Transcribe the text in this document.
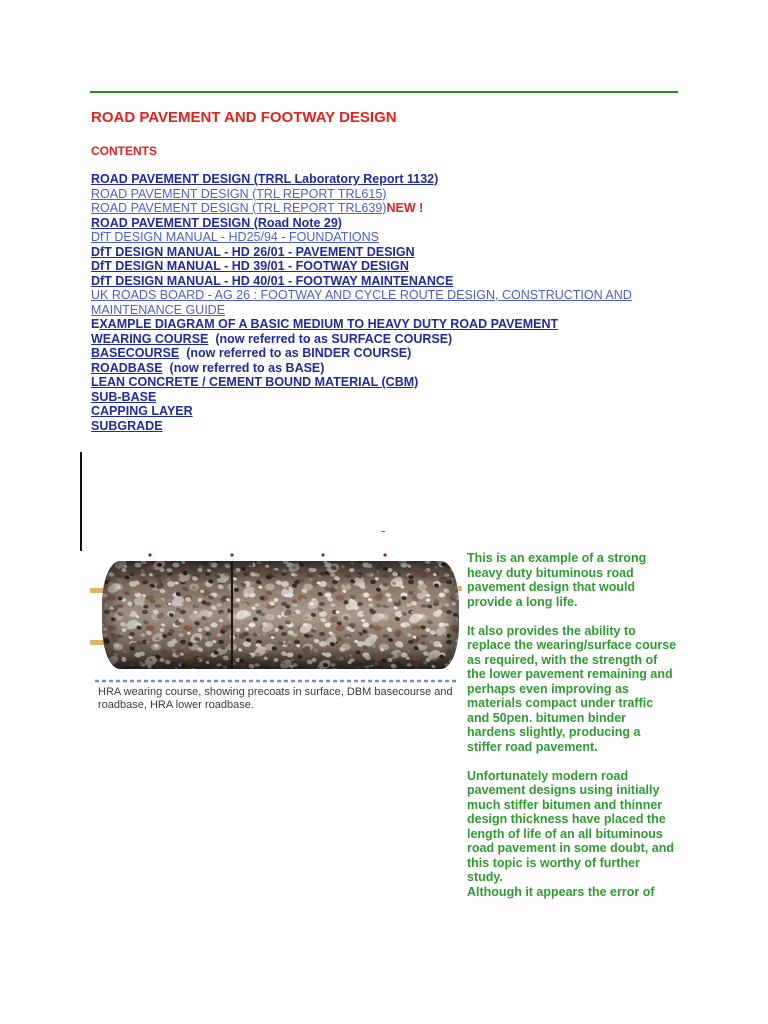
ROAD PAVEMENT AND FOOTWAY DESIGN
CONTENTS
ROAD PAVEMENT DESIGN (TRRL Laboratory Report 1132)
ROAD PAVEMENT DESIGN (TRL REPORT TRL615)
ROAD PAVEMENT DESIGN (TRL REPORT TRL639)NEW !
ROAD PAVEMENT DESIGN (Road Note 29)
DfT DESIGN MANUAL - HD25/94 - FOUNDATIONS
DfT DESIGN MANUAL - HD 26/01 - PAVEMENT DESIGN
DfT DESIGN MANUAL - HD 39/01 - FOOTWAY DESIGN
DfT DESIGN MANUAL - HD 40/01 - FOOTWAY MAINTENANCE
UK ROADS BOARD - AG 26 : FOOTWAY AND CYCLE ROUTE DESIGN, CONSTRUCTION AND MAINTENANCE GUIDE
EXAMPLE DIAGRAM OF A BASIC MEDIUM TO HEAVY DUTY ROAD PAVEMENT
WEARING COURSE (now referred to as SURFACE COURSE)
BASECOURSE (now referred to as BINDER COURSE)
ROADBASE (now referred to as BASE)
LEAN CONCRETE / CEMENT BOUND MATERIAL (CBM)
SUB-BASE
CAPPING LAYER
SUBGRADE
HRA wearing course, showing precoats in surface, DBM basecourse and
roadbase, HRA lower roadbase.
This is an example of a strong
heavy duty bituminous road
pavement design that would
provide a long life.
It also provides the ability to
replace the wearing/surface course
as required, with the strength of
the lower pavement remaining and
perhaps even improving as
materials compact under traffic
and 50pen. bitumen binder
hardens slightly, producing a
stiffer road pavement.
Unfortunately modern road
pavement designs using initially
much stiffer bitumen and thinner
design thickness have placed the
length of life of an all bituminous
road pavement in some doubt, and
this topic is worthy of further
study.
Although it appears the error of
